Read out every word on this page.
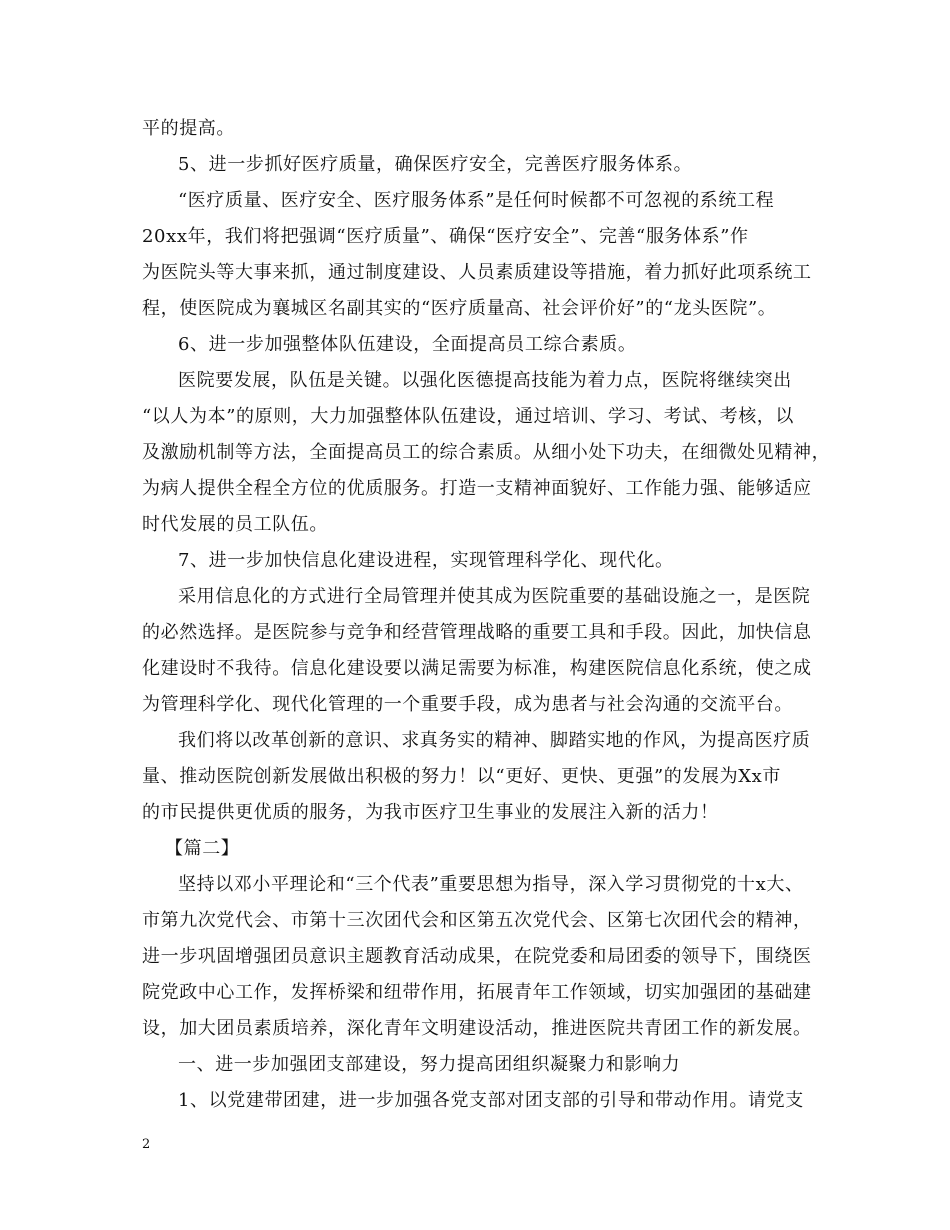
平的提高。
5、进一步抓好医疗质量，确保医疗安全，完善医疗服务体系。
“医疗质量、医疗安全、医疗服务体系”是任何时候都不可忽视的系统工程
20xx年，我们将把强调“医疗质量”、确保“医疗安全”、完善“服务体系”作
为医院头等大事来抓，通过制度建设、人员素质建设等措施，着力抓好此项系统工
程，使医院成为襄城区名副其实的“医疗质量高、社会评价好”的“龙头医院”。
6、进一步加强整体队伍建设，全面提高员工综合素质。
医院要发展，队伍是关键。以强化医德提高技能为着力点，医院将继续突出
“以人为本”的原则，大力加强整体队伍建设，通过培训、学习、考试、考核，以
及激励机制等方法，全面提高员工的综合素质。从细小处下功夫，在细微处见精神，
为病人提供全程全方位的优质服务。打造一支精神面貌好、工作能力强、能够适应
时代发展的员工队伍。
7、进一步加快信息化建设进程，实现管理科学化、现代化。
采用信息化的方式进行全局管理并使其成为医院重要的基础设施之一，是医院
的必然选择。是医院参与竞争和经营管理战略的重要工具和手段。因此，加快信息
化建设时不我待。信息化建设要以满足需要为标准，构建医院信息化系统，使之成
为管理科学化、现代化管理的一个重要手段，成为患者与社会沟通的交流平台。
我们将以改革创新的意识、求真务实的精神、脚踏实地的作风，为提高医疗质
量、推动医院创新发展做出积极的努力！以“更好、更快、更强”的发展为Xx市
的市民提供更优质的服务，为我市医疗卫生事业的发展注入新的活力！
【篇二】
坚持以邓小平理论和“三个代表”重要思想为指导，深入学习贯彻党的十x大、
市第九次党代会、市第十三次团代会和区第五次党代会、区第七次团代会的精神，
进一步巩固增强团员意识主题教育活动成果，在院党委和局团委的领导下，围绕医
院党政中心工作，发挥桥梁和纽带作用，拓展青年工作领域，切实加强团的基础建
设，加大团员素质培养，深化青年文明建设活动，推进医院共青团工作的新发展。
一、进一步加强团支部建设，努力提高团组织凝聚力和影响力
1、以党建带团建，进一步加强各党支部对团支部的引导和带动作用。请党支
2
